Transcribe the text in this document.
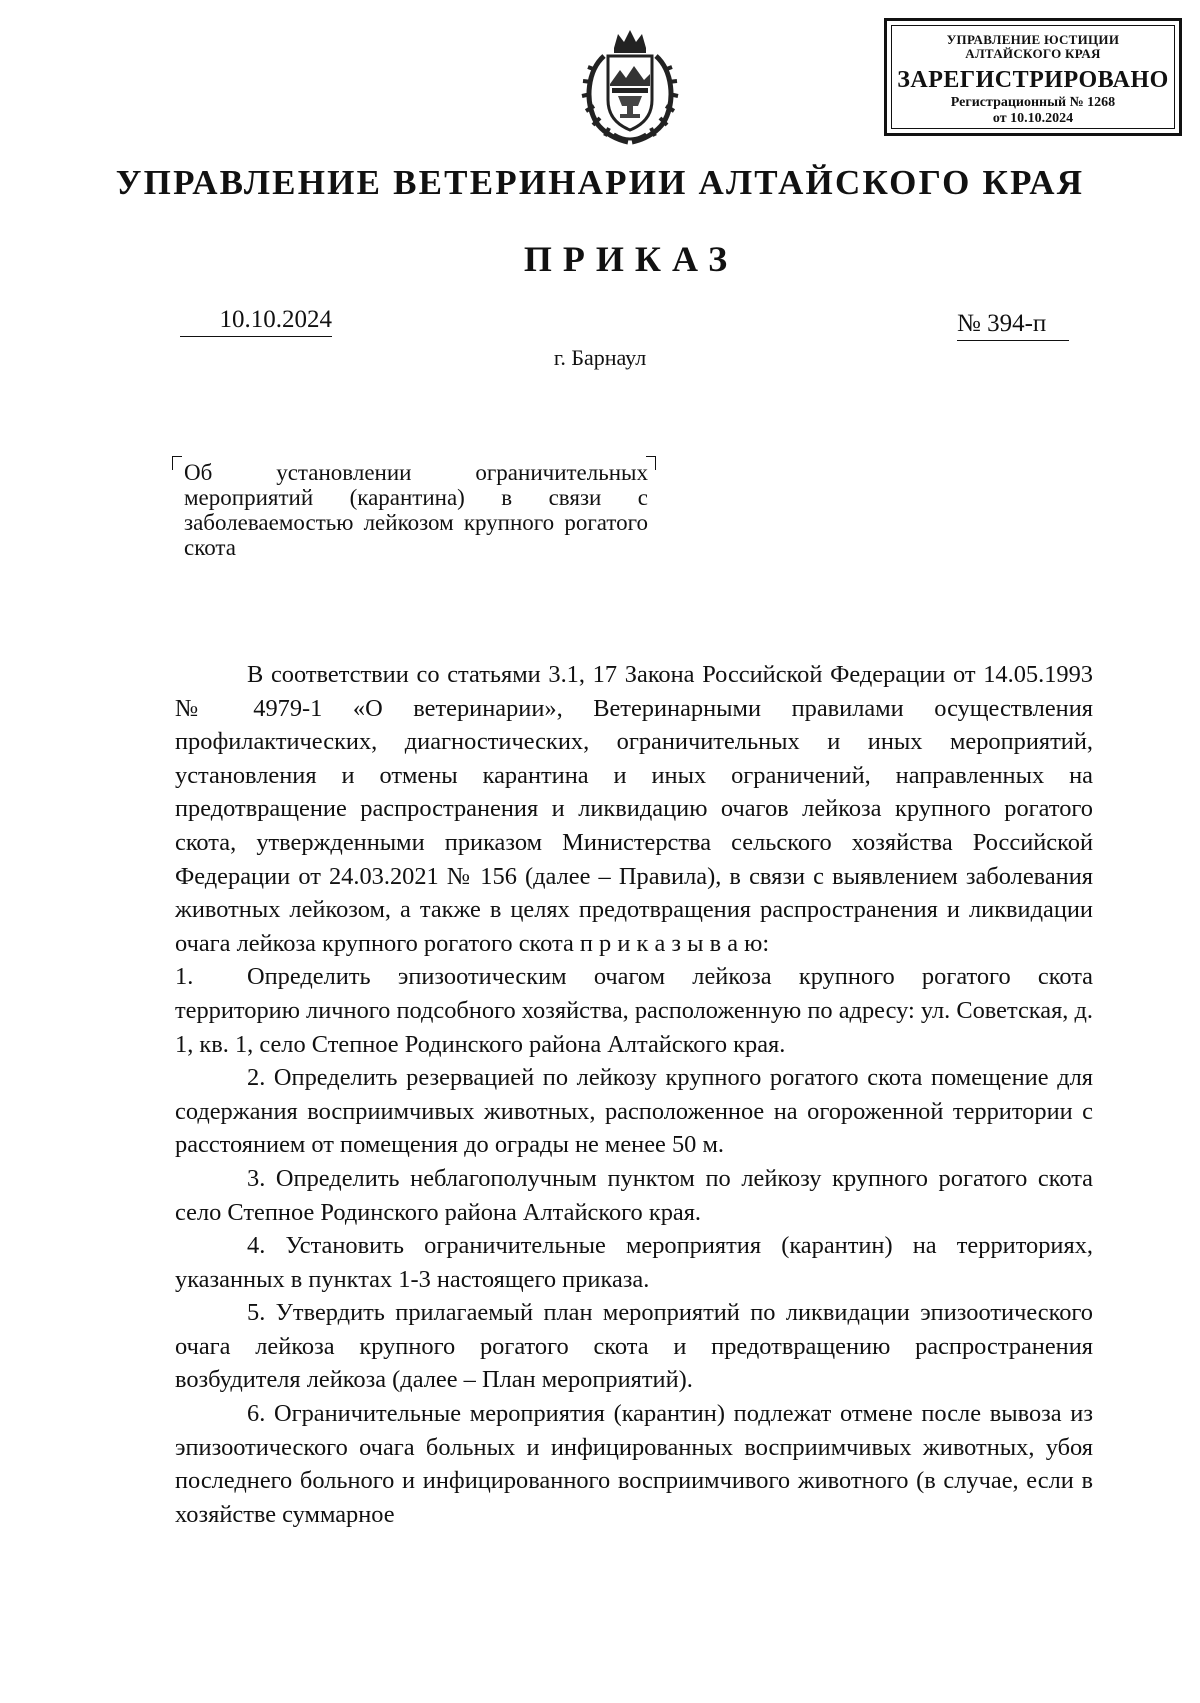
УПРАВЛЕНИЕ ЮСТИЦИИ
АЛТАЙСКОГО КРАЯ
ЗАРЕГИСТРИРОВАНО
Регистрационный № 1268
от 10.10.2024
УПРАВЛЕНИЕ ВЕТЕРИНАРИИ АЛТАЙСКОГО КРАЯ
ПРИКАЗ
10.10.2024	№ 394-п
г. Барнаул
Об установлении ограничительных мероприятий (карантина) в связи с заболеваемостью лейкозом крупного рогатого скота

В соответствии со статьями 3.1, 17 Закона Российской Федерации от 14.05.1993 № 4979-1 «О ветеринарии», Ветеринарными правилами осуществления профилактических, диагностических, ограничительных и иных мероприятий, установления и отмены карантина и иных ограничений, направленных на предотвращение распространения и ликвидацию очагов лейкоза крупного рогатого скота, утвержденными приказом Министерства сельского хозяйства Российской Федерации от 24.03.2021 № 156 (далее – Правила), в связи с выявлением заболевания животных лейкозом, а также в целях предотвращения распространения и ликвидации очага лейкоза крупного рогатого скота п р и к а з ы в а ю:

1. Определить эпизоотическим очагом лейкоза крупного рогатого скота территорию личного подсобного хозяйства, расположенную по адресу: ул. Советская, д. 1, кв. 1, село Степное Родинского района Алтайского края.

2. Определить резервацией по лейкозу крупного рогатого скота помещение для содержания восприимчивых животных, расположенное на огороженной территории с расстоянием от помещения до ограды не менее 50 м.

3. Определить неблагополучным пунктом по лейкозу крупного рогатого скота село Степное Родинского района Алтайского края.

4. Установить ограничительные мероприятия (карантин) на территориях, указанных в пунктах 1-3 настоящего приказа.

5. Утвердить прилагаемый план мероприятий по ликвидации эпизоотического очага лейкоза крупного рогатого скота и предотвращению распространения возбудителя лейкоза (далее – План мероприятий).

6. Ограничительные мероприятия (карантин) подлежат отмене после вывоза из эпизоотического очага больных и инфицированных восприимчивых животных, убоя последнего больного и инфицированного восприимчивого животного (в случае, если в хозяйстве суммарное
